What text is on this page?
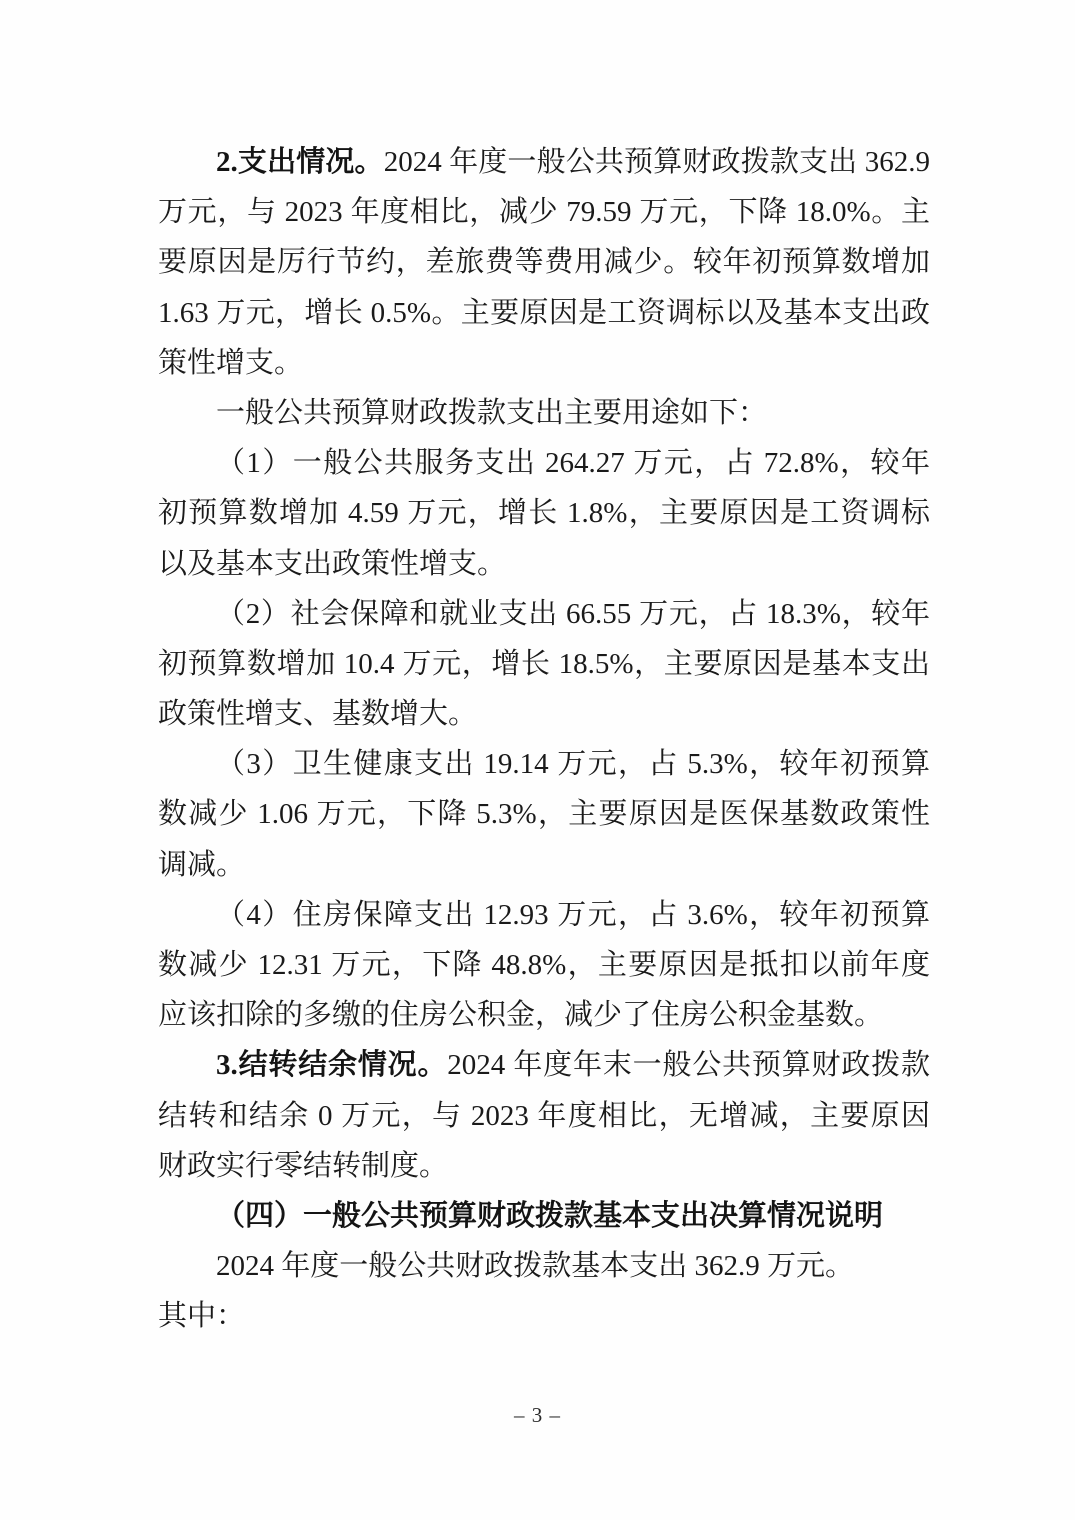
2.支出情况。2024 年度一般公共预算财政拨款支出 362.9
万元，与 2023 年度相比，减少 79.59 万元，下降 18.0%。主
要原因是厉行节约，差旅费等费用减少。较年初预算数增加
1.63 万元，增长 0.5%。主要原因是工资调标以及基本支出政
策性增支。
一般公共预算财政拨款支出主要用途如下：
（1）一般公共服务支出 264.27 万元，占 72.8%，较年
初预算数增加 4.59 万元，增长 1.8%，主要原因是工资调标
以及基本支出政策性增支。
（2）社会保障和就业支出 66.55 万元，占 18.3%，较年
初预算数增加 10.4 万元，增长 18.5%，主要原因是基本支出
政策性增支、基数增大。
（3）卫生健康支出 19.14 万元，占 5.3%，较年初预算
数减少 1.06 万元，下降 5.3%，主要原因是医保基数政策性
调减。
（4）住房保障支出 12.93 万元，占 3.6%，较年初预算
数减少 12.31 万元，下降 48.8%，主要原因是抵扣以前年度
应该扣除的多缴的住房公积金，减少了住房公积金基数。
3.结转结余情况。2024 年度年末一般公共预算财政拨款
结转和结余 0 万元，与 2023 年度相比，无增减，主要原因
财政实行零结转制度。
（四）一般公共预算财政拨款基本支出决算情况说明
2024 年度一般公共财政拨款基本支出 362.9 万元。
其中：
– 3 –
